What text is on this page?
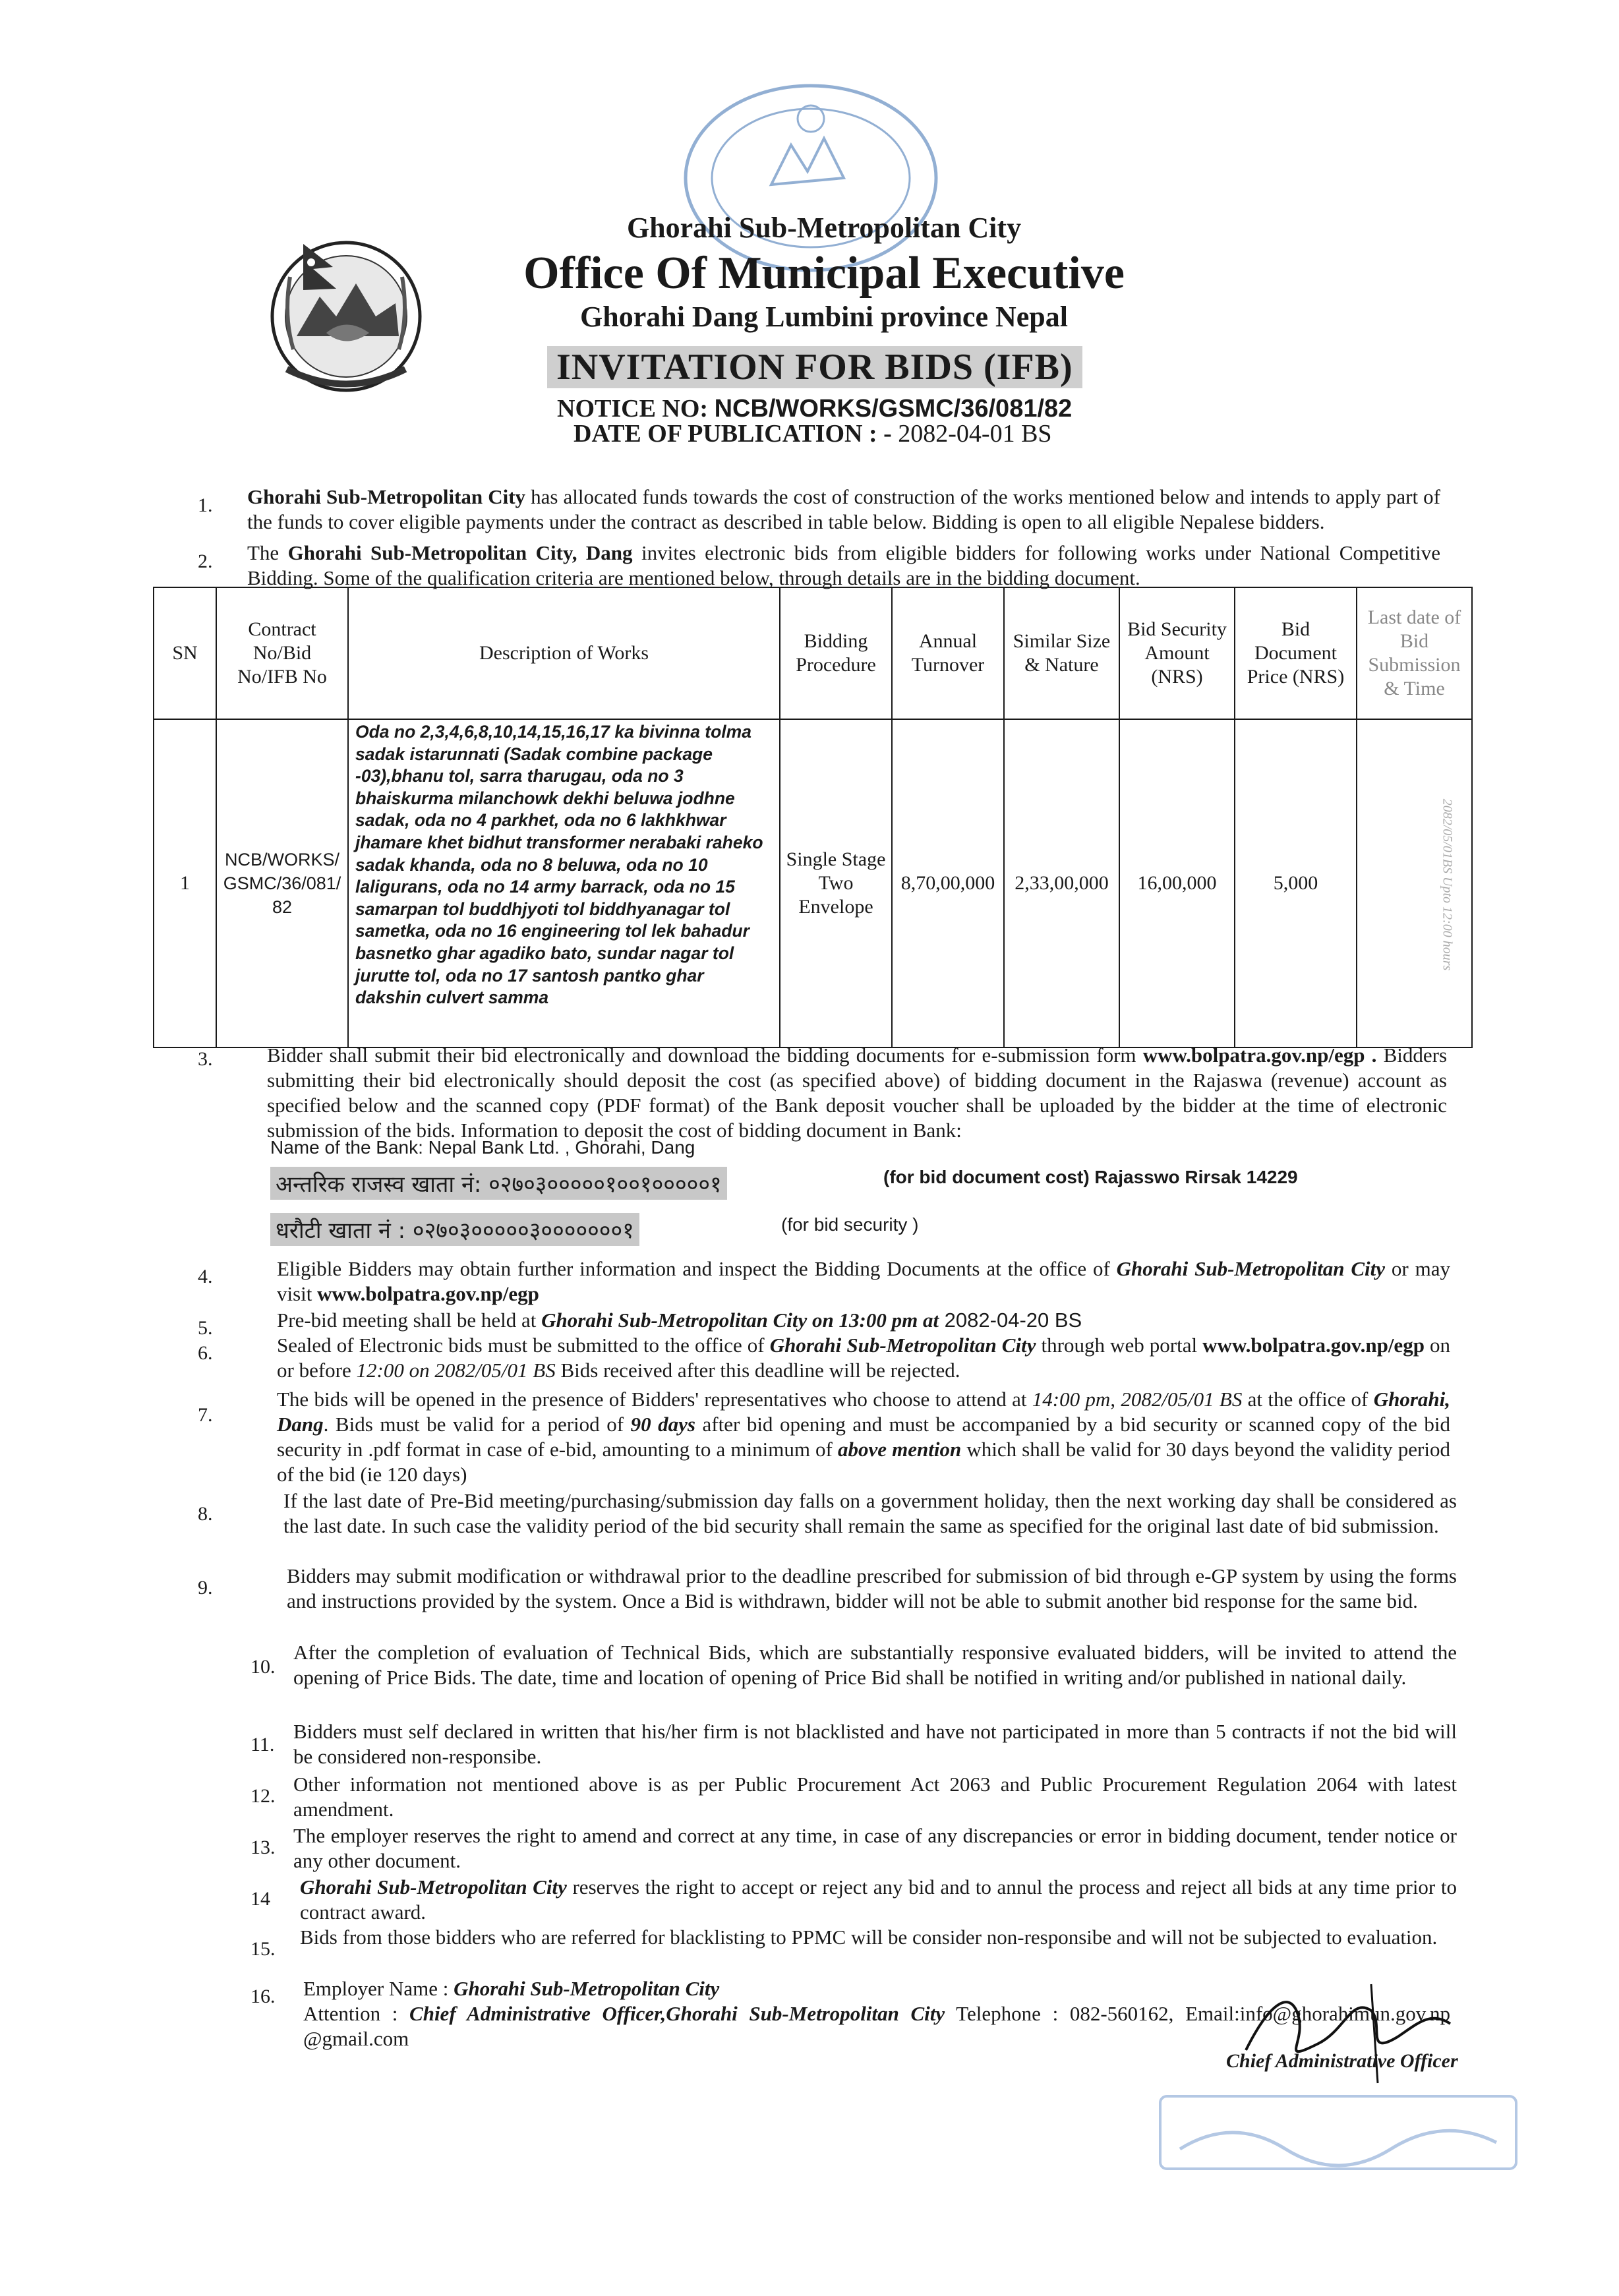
Ghorahi Sub-Metropolitan City
Office Of Municipal Executive
Ghorahi Dang Lumbini province Nepal
INVITATION FOR BIDS (IFB)
NOTICE NO: NCB/WORKS/GSMC/36/081/82
DATE OF PUBLICATION : - 2082-04-01 BS
1. Ghorahi Sub-Metropolitan City has allocated funds towards the cost of construction of the works mentioned below and intends to apply part of the funds to cover eligible payments under the contract as described in table below. Bidding is open to all eligible Nepalese bidders.
2. The Ghorahi Sub-Metropolitan City, Dang invites electronic bids from eligible bidders for following works under National Competitive Bidding. Some of the qualification criteria are mentioned below, through details are in the bidding document.
SN	Contract No/Bid No/IFB No	Description of Works	Bidding Procedure	Annual Turnover	Similar Size & Nature	Bid Security Amount (NRS)	Bid Document Price (NRS)	Last date of Bid Submission & Time
1	NCB/WORKS/GSMC/36/081/82	Oda no 2,3,4,6,8,10,14,15,16,17 ka bivinna tolma sadak istarunnati (Sadak combine package -03),bhanu tol, sarra tharugau, oda no 3 bhaiskurma milanchowk dekhi beluwa jodhne sadak, oda no 4 parkhet, oda no 6 lakhkhwar jhamare khet bidhut transformer nerabaki raheko sadak khanda, oda no 8 beluwa, oda no 10 laligurans, oda no 14 army barrack, oda no 15 samarpan tol buddhjyoti tol biddhyanagar tol sametka, oda no 16 engineering tol lek bahadur basnetko ghar agadiko bato, sundar nagar tol jurutte tol, oda no 17 santosh pantko ghar dakshin culvert samma	Single Stage Two Envelope	8,70,00,000	2,33,00,000	16,00,000	5,000	2082/05/01BS Upto 12:00 hours
3.	Bidder shall submit their bid electronically and download the bidding documents for e-submission form www.bolpatra.gov.np/egp . Bidders submitting their bid electronically should deposit the cost (as specified above) of bidding document in the Rajaswa (revenue) account as specified below and the scanned copy (PDF format) of the Bank deposit voucher shall be uploaded by the bidder at the time of electronic submission of the bids. Information to deposit the cost of bidding document in Bank:
Name of the Bank: Nepal Bank Ltd. , Ghorahi, Dang
अन्तरिक राजस्व खाता नं: ०२७०३०००००१००१०००००१	(for bid document cost) Rajasswo Rirsak 14229
धरौटी खाता नं : ०२७०३०००००३०००००००१	(for bid security )
4.	Eligible Bidders may obtain further information and inspect the Bidding Documents at the office of Ghorahi Sub-Metropolitan City or may visit www.bolpatra.gov.np/egp
5.	Pre-bid meeting shall be held at Ghorahi Sub-Metropolitan City on 13:00 pm at 2082-04-20 BS
6.	Sealed of Electronic bids must be submitted to the office of Ghorahi Sub-Metropolitan City through web portal www.bolpatra.gov.np/egp on or before 12:00 on 2082/05/01 BS Bids received after this deadline will be rejected.
7.
The bids will be opened in the presence of Bidders' representatives who choose to attend at 14:00 pm, 2082/05/01 BS at the office of Ghorahi, Dang. Bids must be valid for a period of 90 days after bid opening and must be accompanied by a bid security or scanned copy of the bid security in .pdf format in case of e-bid, amounting to a minimum of above mention which shall be valid for 30 days beyond the validity period of the bid (ie 120 days)
8.
If the last date of Pre-Bid meeting/purchasing/submission day falls on a government holiday, then the next working day shall be considered as the last date. In such case the validity period of the bid security shall remain the same as specified for the original last date of bid submission.
9.
Bidders may submit modification or withdrawal prior to the deadline prescribed for submission of bid through e-GP system by using the forms and instructions provided by the system. Once a Bid is withdrawn, bidder will not be able to submit another bid response for the same bid.
10.
After the completion of evaluation of Technical Bids, which are substantially responsive evaluated bidders, will be invited to attend the opening of Price Bids. The date, time and location of opening of Price Bid shall be notified in writing and/or published in national daily.
11.
Bidders must self declared in written that his/her firm is not blacklisted and have not participated in more than 5 contracts if not the bid will be considered non-responsibe.
12.
Other information not mentioned above is as per Public Procurement Act 2063 and Public Procurement Regulation 2064 with latest amendment.
13.
The employer reserves the right to amend and correct at any time, in case of any discrepancies or error in bidding document, tender notice or any other document.
14
Ghorahi Sub-Metropolitan City reserves the right to accept or reject any bid and to annul the process and reject all bids at any time prior to contract award.
15.
Bids from those bidders who are referred for blacklisting to PPMC will be consider non-responsibe and will not be subjected to evaluation.
16. Employer Name : Ghorahi Sub-Metropolitan City
Attention : Chief Administrative Officer,Ghorahi Sub-Metropolitan City Telephone : 082-560162, Email:info@ghorahimun.gov.np @gmail.com
Chief Administrative Officer
